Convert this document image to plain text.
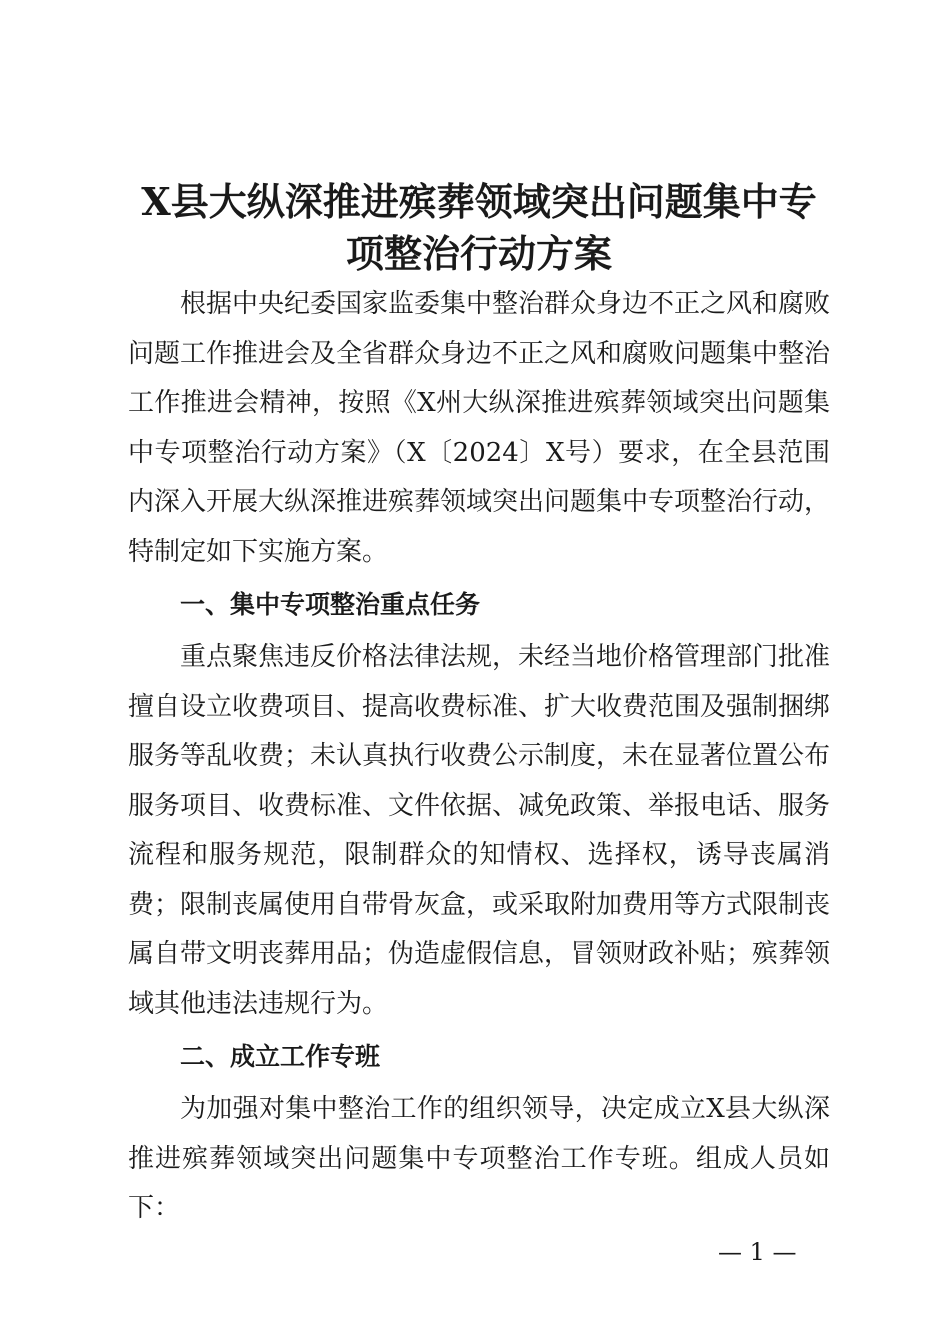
X县大纵深推进殡葬领域突出问题集中专项整治行动方案

根据中央纪委国家监委集中整治群众身边不正之风和腐败问题工作推进会及全省群众身边不正之风和腐败问题集中整治工作推进会精神，按照《X州大纵深推进殡葬领域突出问题集中专项整治行动方案》（X〔2024〕X号）要求，在全县范围内深入开展大纵深推进殡葬领域突出问题集中专项整治行动，特制定如下实施方案。

一、集中专项整治重点任务

重点聚焦违反价格法律法规，未经当地价格管理部门批准擅自设立收费项目、提高收费标准、扩大收费范围及强制捆绑服务等乱收费；未认真执行收费公示制度，未在显著位置公布服务项目、收费标准、文件依据、减免政策、举报电话、服务流程和服务规范，限制群众的知情权、选择权，诱导丧属消费；限制丧属使用自带骨灰盒，或采取附加费用等方式限制丧属自带文明丧葬用品；伪造虚假信息，冒领财政补贴；殡葬领域其他违法违规行为。

二、成立工作专班

为加强对集中整治工作的组织领导，决定成立X县大纵深推进殡葬领域突出问题集中专项整治工作专班。组成人员如下：

— 1 —
